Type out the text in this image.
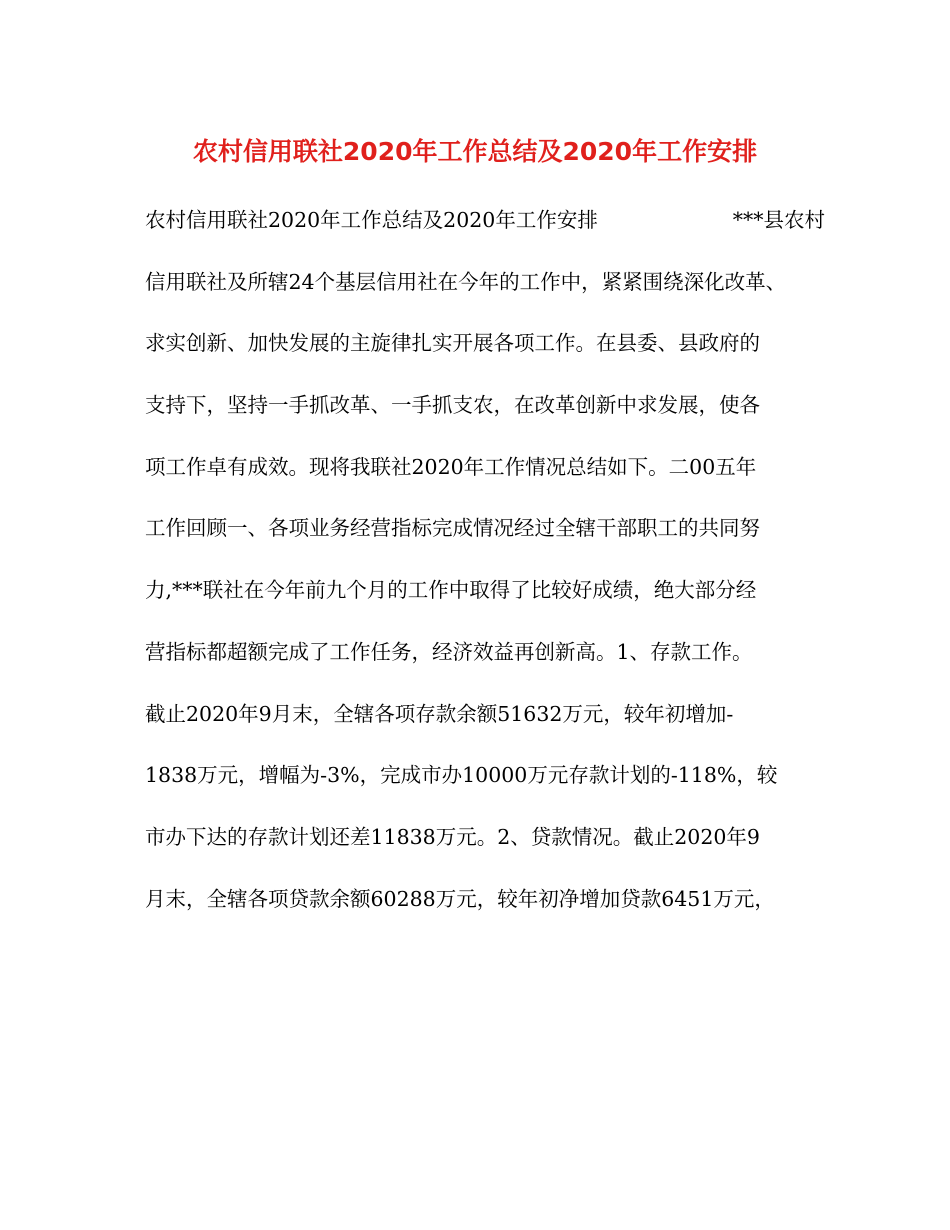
农村信用联社2020年工作总结及2020年工作安排
农村信用联社2020年工作总结及2020年工作安排	***县农村
信用联社及所辖24个基层信用社在今年的工作中，紧紧围绕深化改革、
求实创新、加快发展的主旋律扎实开展各项工作。在县委、县政府的
支持下，坚持一手抓改革、一手抓支农，在改革创新中求发展，使各
项工作卓有成效。现将我联社2020年工作情况总结如下。二00五年
工作回顾一、各项业务经营指标完成情况经过全辖干部职工的共同努
力,***联社在今年前九个月的工作中取得了比较好成绩，绝大部分经
营指标都超额完成了工作任务，经济效益再创新高。1、存款工作。
截止2020年9月末，全辖各项存款余额51632万元，较年初增加-
1838万元，增幅为-3%，完成市办10000万元存款计划的-118%，较
市办下达的存款计划还差11838万元。2、贷款情况。截止2020年9
月末，全辖各项贷款余额60288万元，较年初净增加贷款6451万元，
